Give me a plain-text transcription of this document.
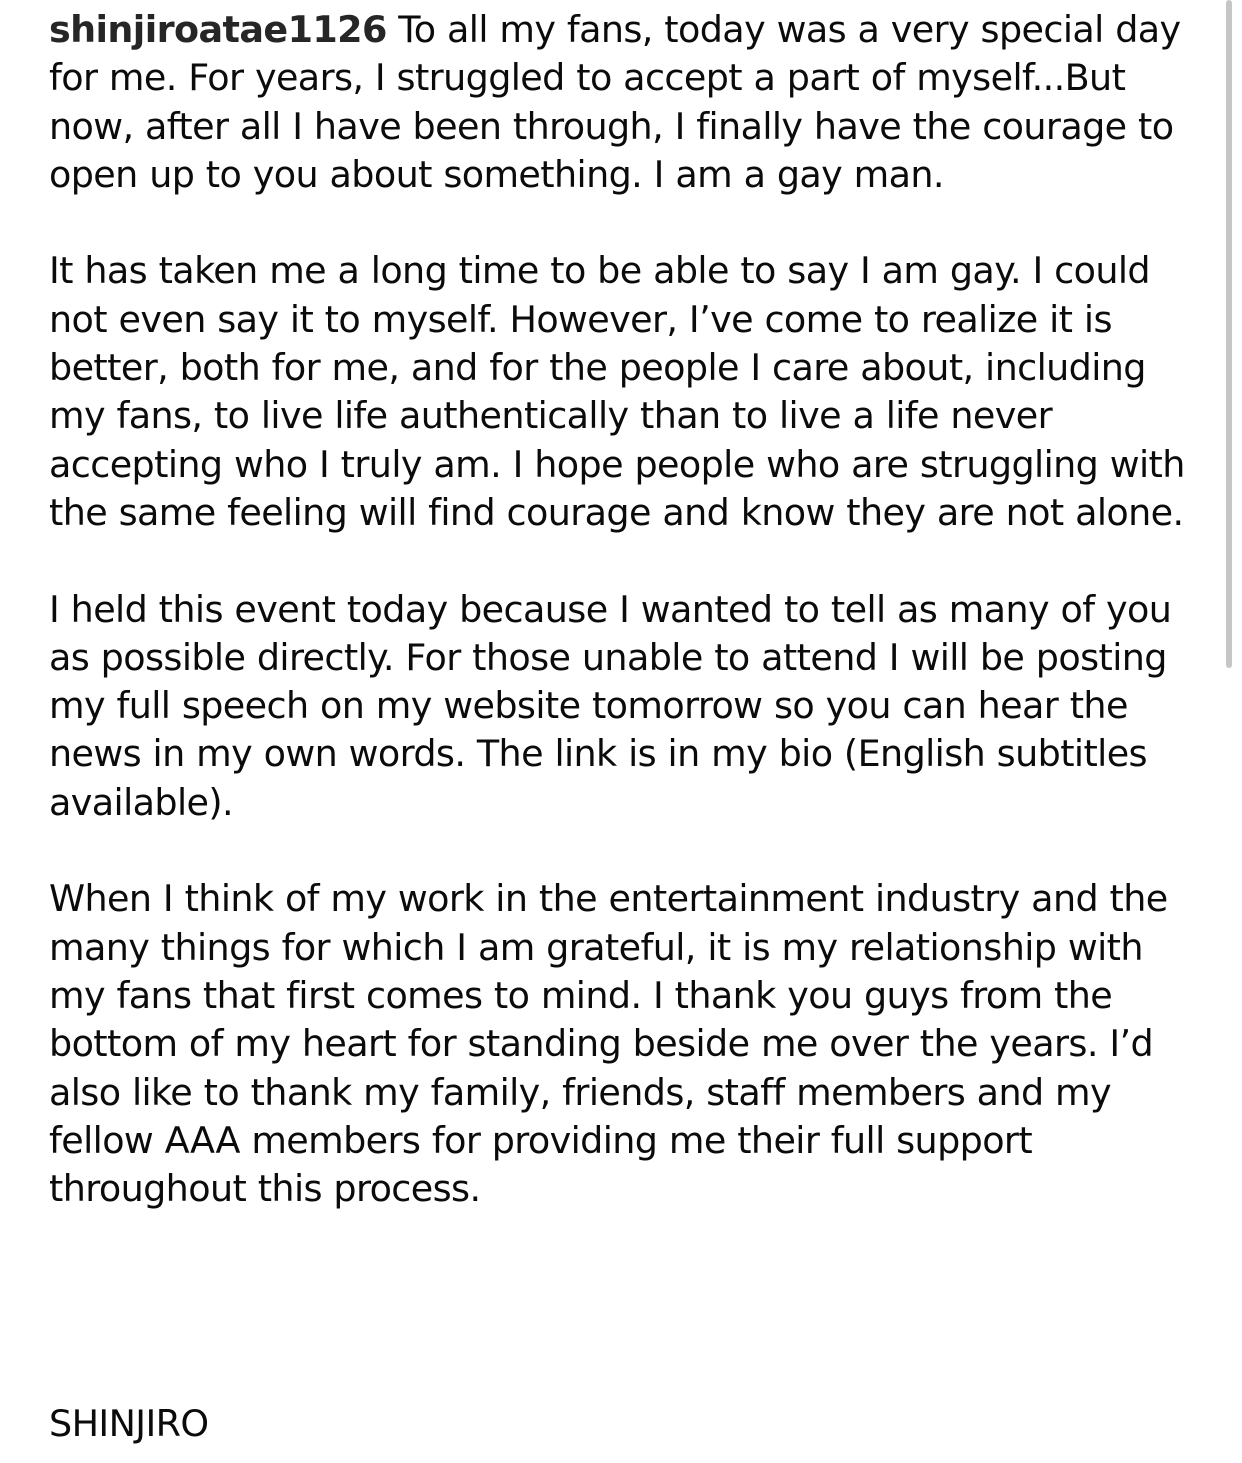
shinjiroatae1126 To all my fans, today was a very special day for me. For years, I struggled to accept a part of myself...But now, after all I have been through, I finally have the courage to open up to you about something. I am a gay man.

It has taken me a long time to be able to say I am gay. I could not even say it to myself. However, I’ve come to realize it is better, both for me, and for the people I care about, including my fans, to live life authentically than to live a life never accepting who I truly am. I hope people who are struggling with the same feeling will find courage and know they are not alone.

I held this event today because I wanted to tell as many of you as possible directly. For those unable to attend I will be posting my full speech on my website tomorrow so you can hear the news in my own words. The link is in my bio (English subtitles available).

When I think of my work in the entertainment industry and the many things for which I am grateful, it is my relationship with my fans that first comes to mind. I thank you guys from the bottom of my heart for standing beside me over the years. I’d also like to thank my family, friends, staff members and my fellow AAA members for providing me their full support throughout this process.

SHINJIRO
